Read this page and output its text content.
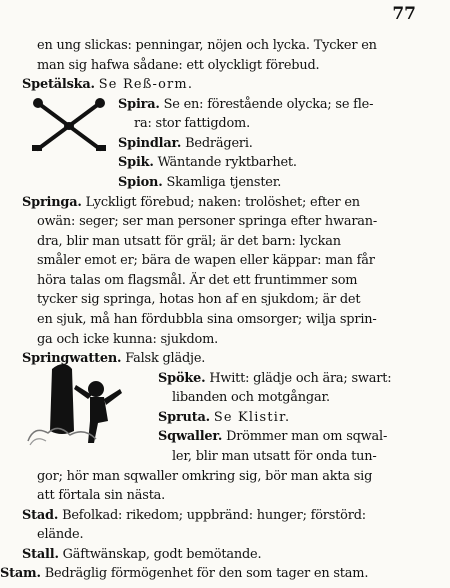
77
en ung slickas: penningar, nöjen och lycka. Tycker en
man sig hafwa sådane: ett olyckligt förebud.
Spetälska. Se Reß-orm.
Spira. Se en: förestående olycka; se fle-
ra: stor fattigdom.
Spindlar. Bedrägeri.
Spik. Wäntande ryktbarhet.
Spion. Skamliga tjenster.
Springa. Lyckligt förebud; naken: trolöshet; efter en
owän: seger; ser man personer springa efter hwaran-
dra, blir man utsatt för gräl; är det barn: lyckan
småler emot er; bära de wapen eller käppar: man får
höra talas om flagsmål. Är det ett fruntimmer som
tycker sig springa, hotas hon af en sjukdom; är det
en sjuk, må han fördubbla sina omsorger; wilja sprin-
ga och icke kunna: sjukdom.
Springwatten. Falsk glädje.
Spöke. Hwitt: glädje och ära; swart:
libanden och motgångar.
Spruta. Se Klistir.
Sqwaller. Drömmer man om sqwal-
ler, blir man utsatt för onda tun-
gor; hör man sqwaller omkring sig, bör man akta sig
att förtala sin nästa.
Stad. Befolkad: rikedom; uppbränd: hunger; förstörd:
elände.
Stall. Gäftwänskap, godt bemötande.
Stam. Bedräglig förmögenhet för den som tager en stam.
